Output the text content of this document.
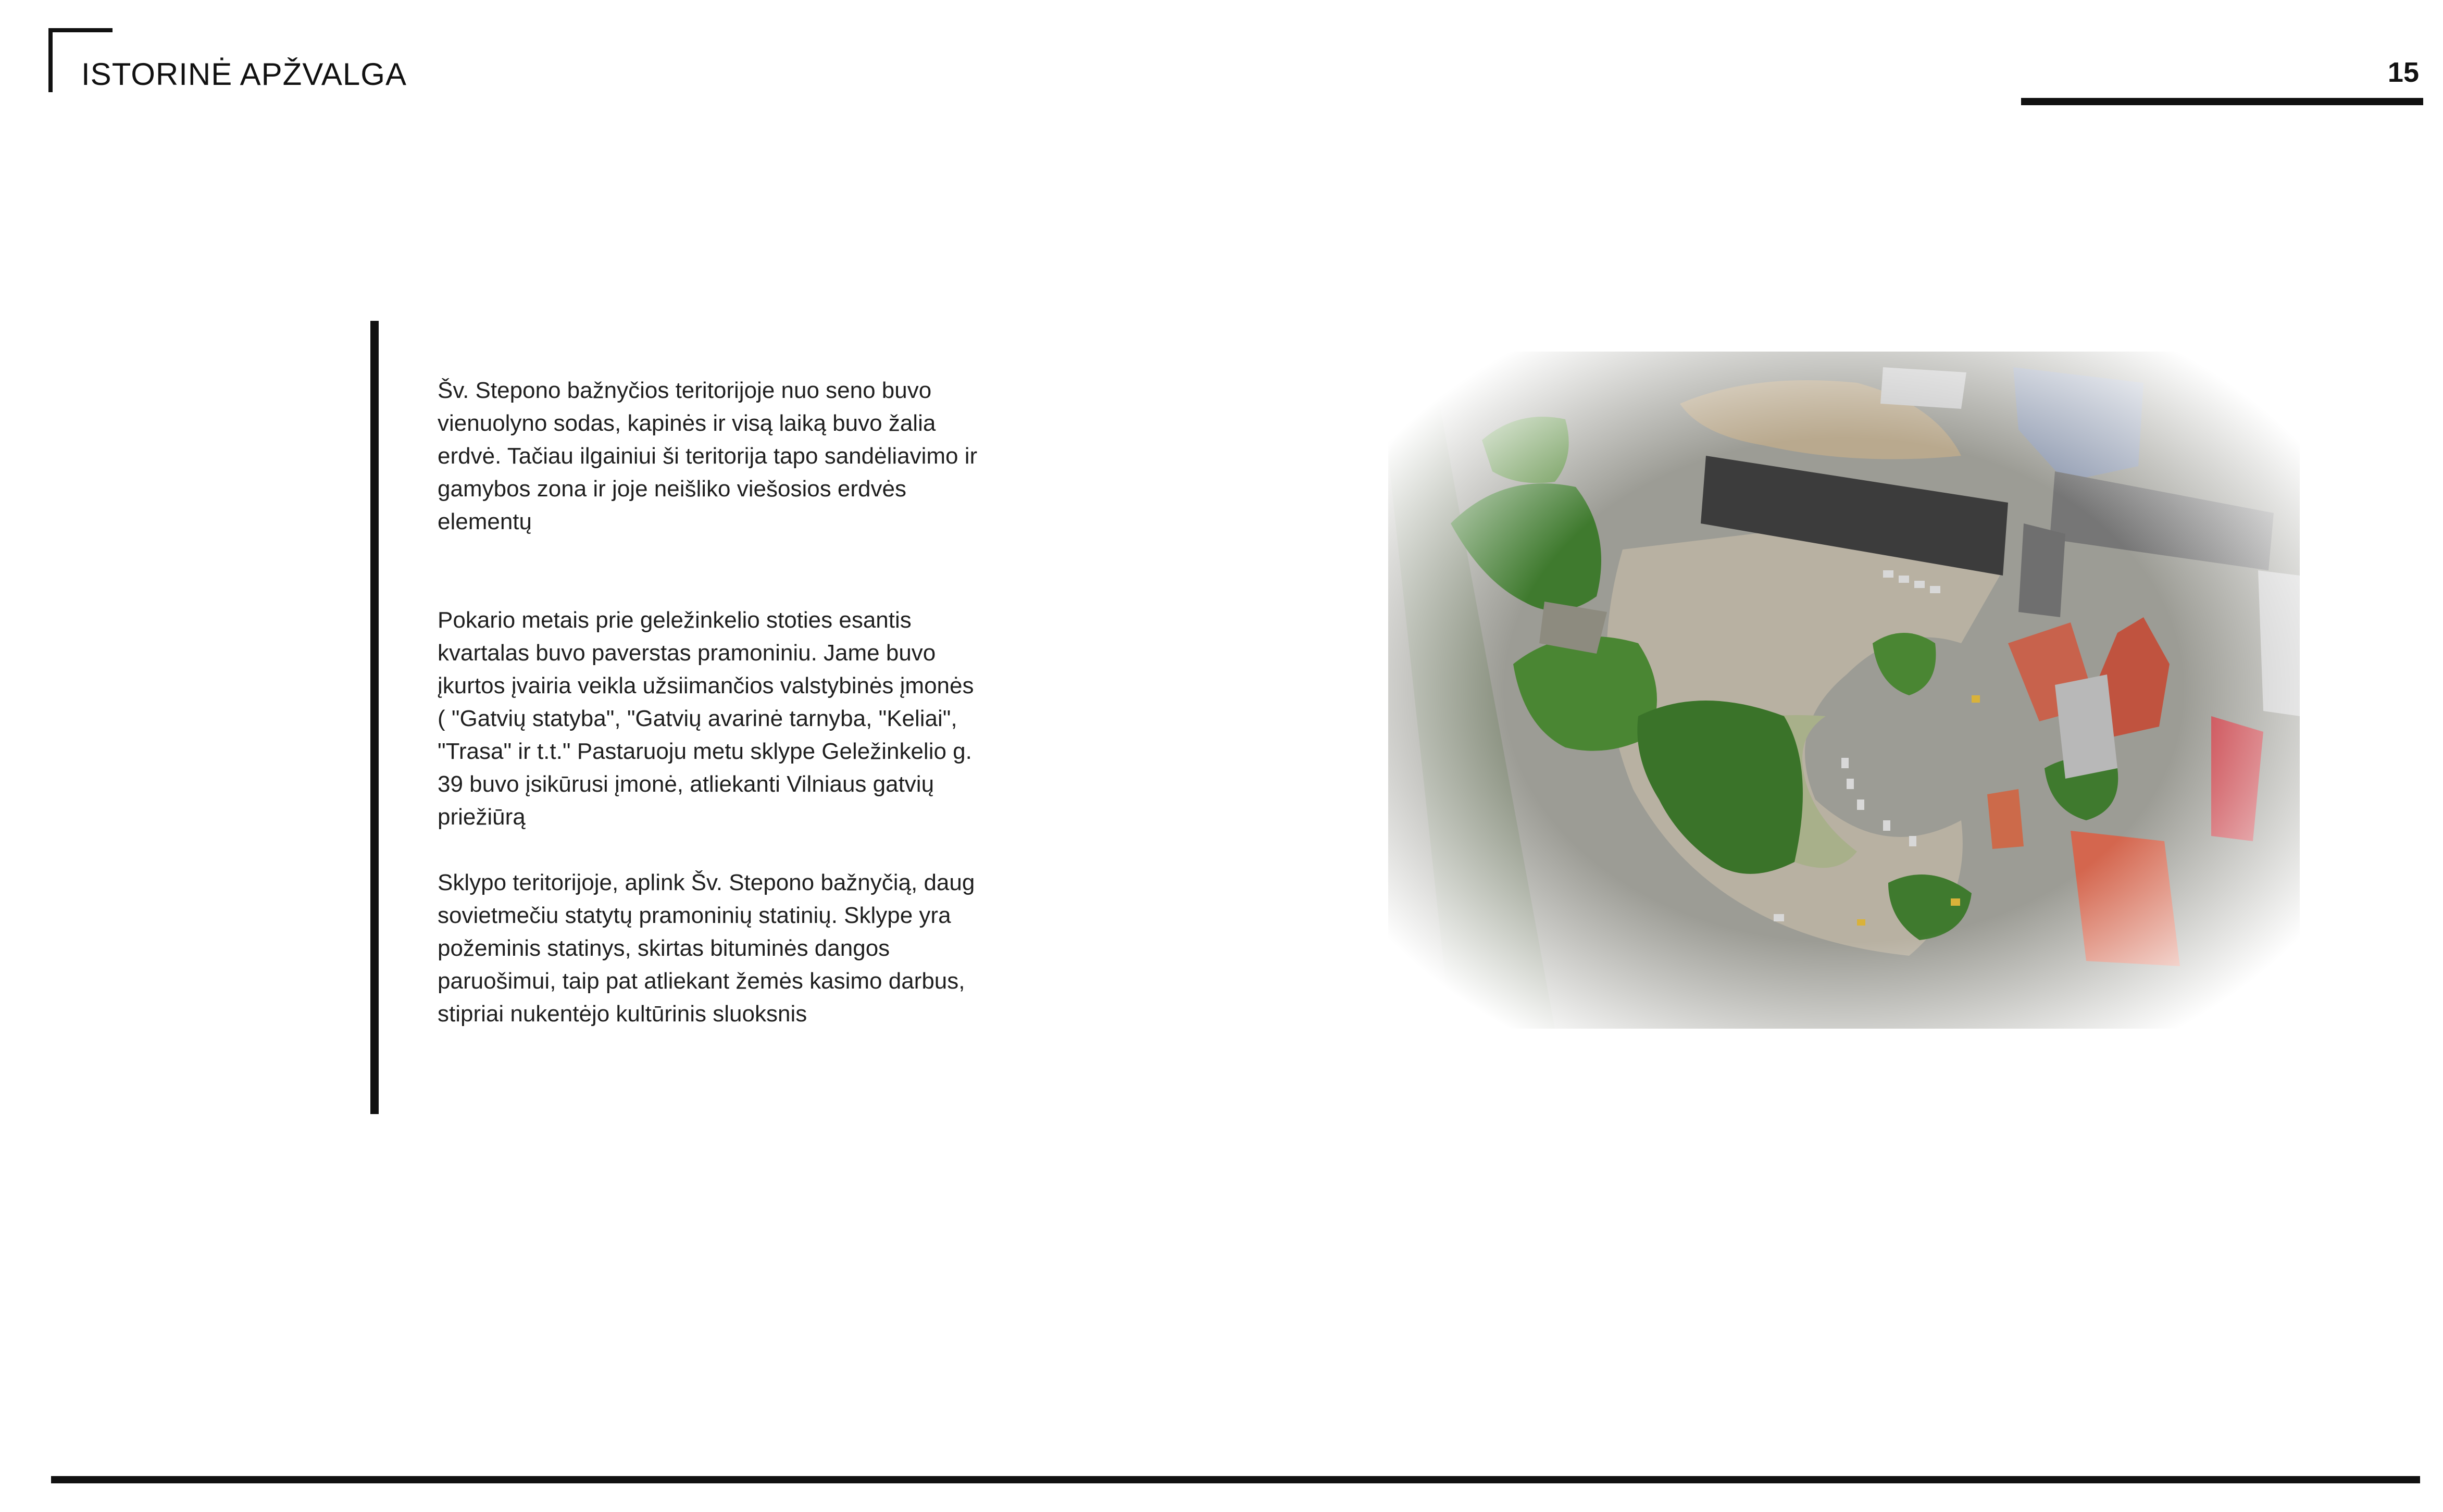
ISTORINĖ APŽVALGA	15

Šv. Stepono bažnyčios teritorijoje nuo seno buvo vienuolyno sodas, kapinės ir visą laiką buvo žalia erdvė. Tačiau ilgainiui ši teritorija tapo sandėliavimo ir gamybos zona ir joje neišliko viešosios erdvės elementų

Pokario metais prie geležinkelio stoties esantis kvartalas buvo paverstas pramoniniu. Jame buvo įkurtos įvairia veikla užsiimančios valstybinės įmonės ( "Gatvių statyba", "Gatvių avarinė tarnyba, "Keliai", "Trasa" ir t.t." Pastaruoju metu sklype Geležinkelio g. 39 buvo įsikūrusi įmonė, atliekanti Vilniaus gatvių priežiūrą

Sklypo teritorijoje, aplink Šv. Stepono bažnyčią, daug sovietmečiu statytų pramoninių statinių. Sklype yra požeminis statinys, skirtas bituminės dangos paruošimui, taip pat atliekant žemės kasimo darbus, stipriai nukentėjo kultūrinis sluoksnis
